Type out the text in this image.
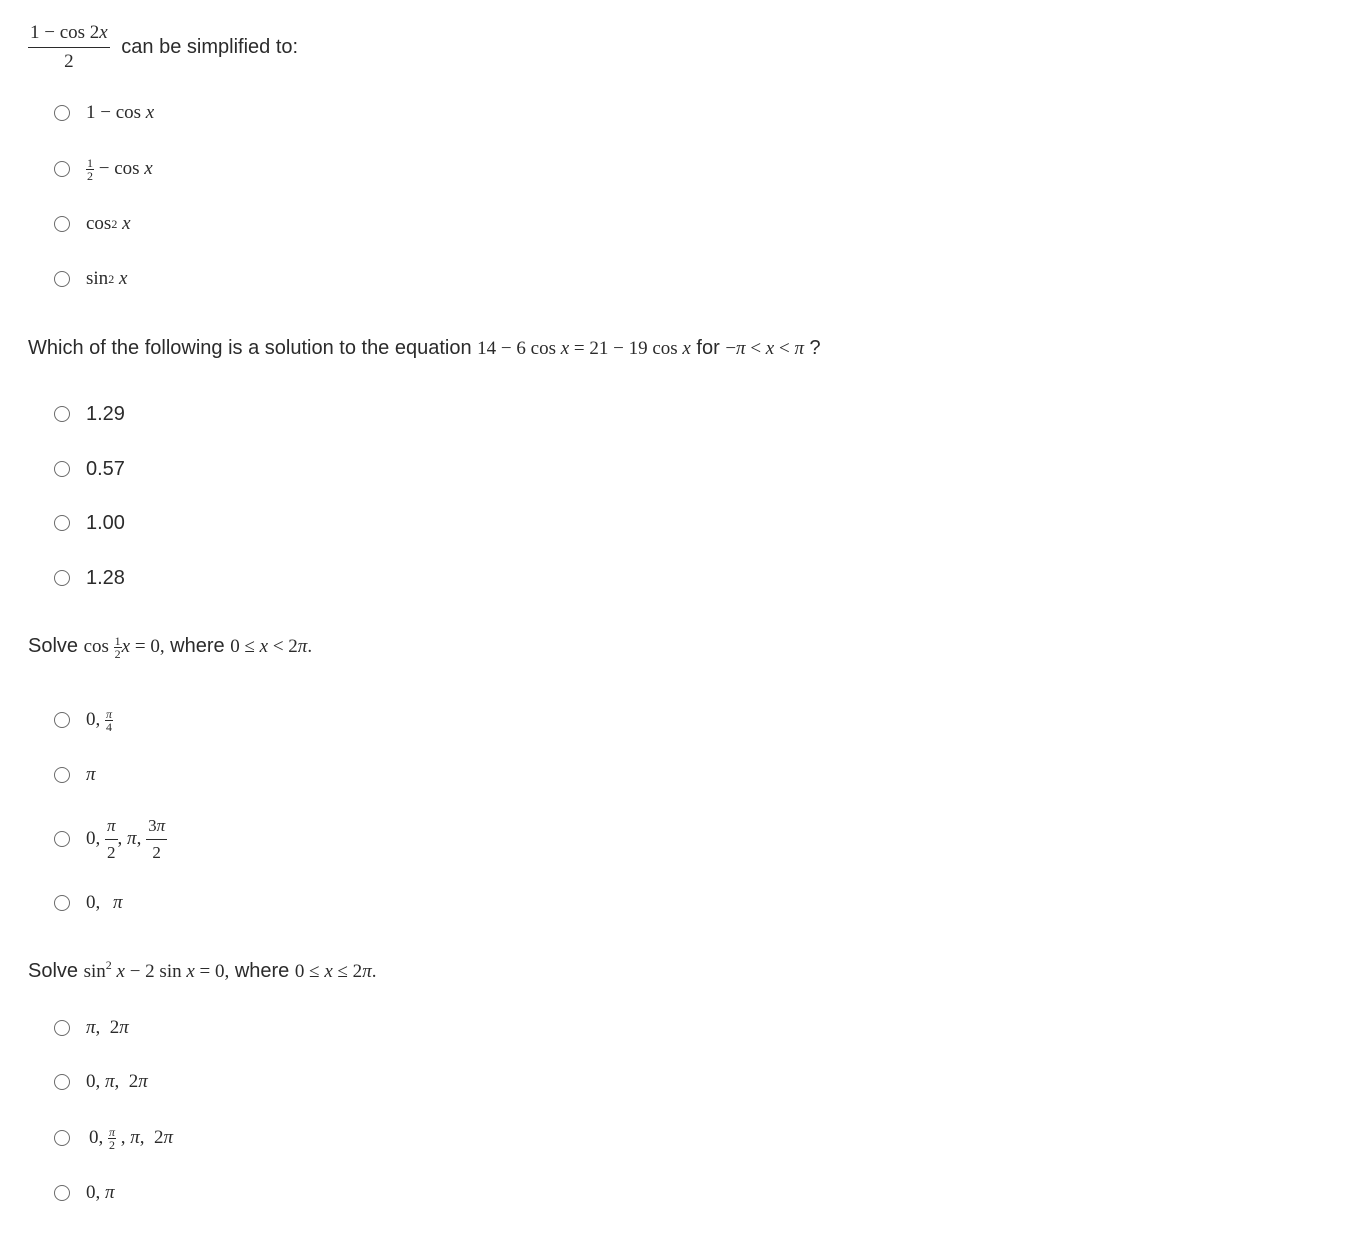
$\frac{1 - \cos 2x}{2}$ can be simplified to:
1 − cos x
$\frac{1}{2} - \cos x$
cos 2
x
sin 2
x
Which of the following is a solution to the equation 14 − 6 cos x = 21 − 19 cos x for −π < x < π ?
1.29
0.57
1.00
1.28
Solve $\cos \frac{1}{2}$ x = 0, where 0 ≤ x < 2π.
0, $\frac{\pi}{4}$
π
0, $\frac{\pi}{2}$ , π , $\frac{3\pi}{2}$
0,
π
Solve $\sin^2 x - 2$ sin x = 0, where 0 ≤ x ≤ 2π.
π ,  2 π
0, π ,  2 π
0, $\frac{\pi}{2}$ , π ,  2 π
0, π
